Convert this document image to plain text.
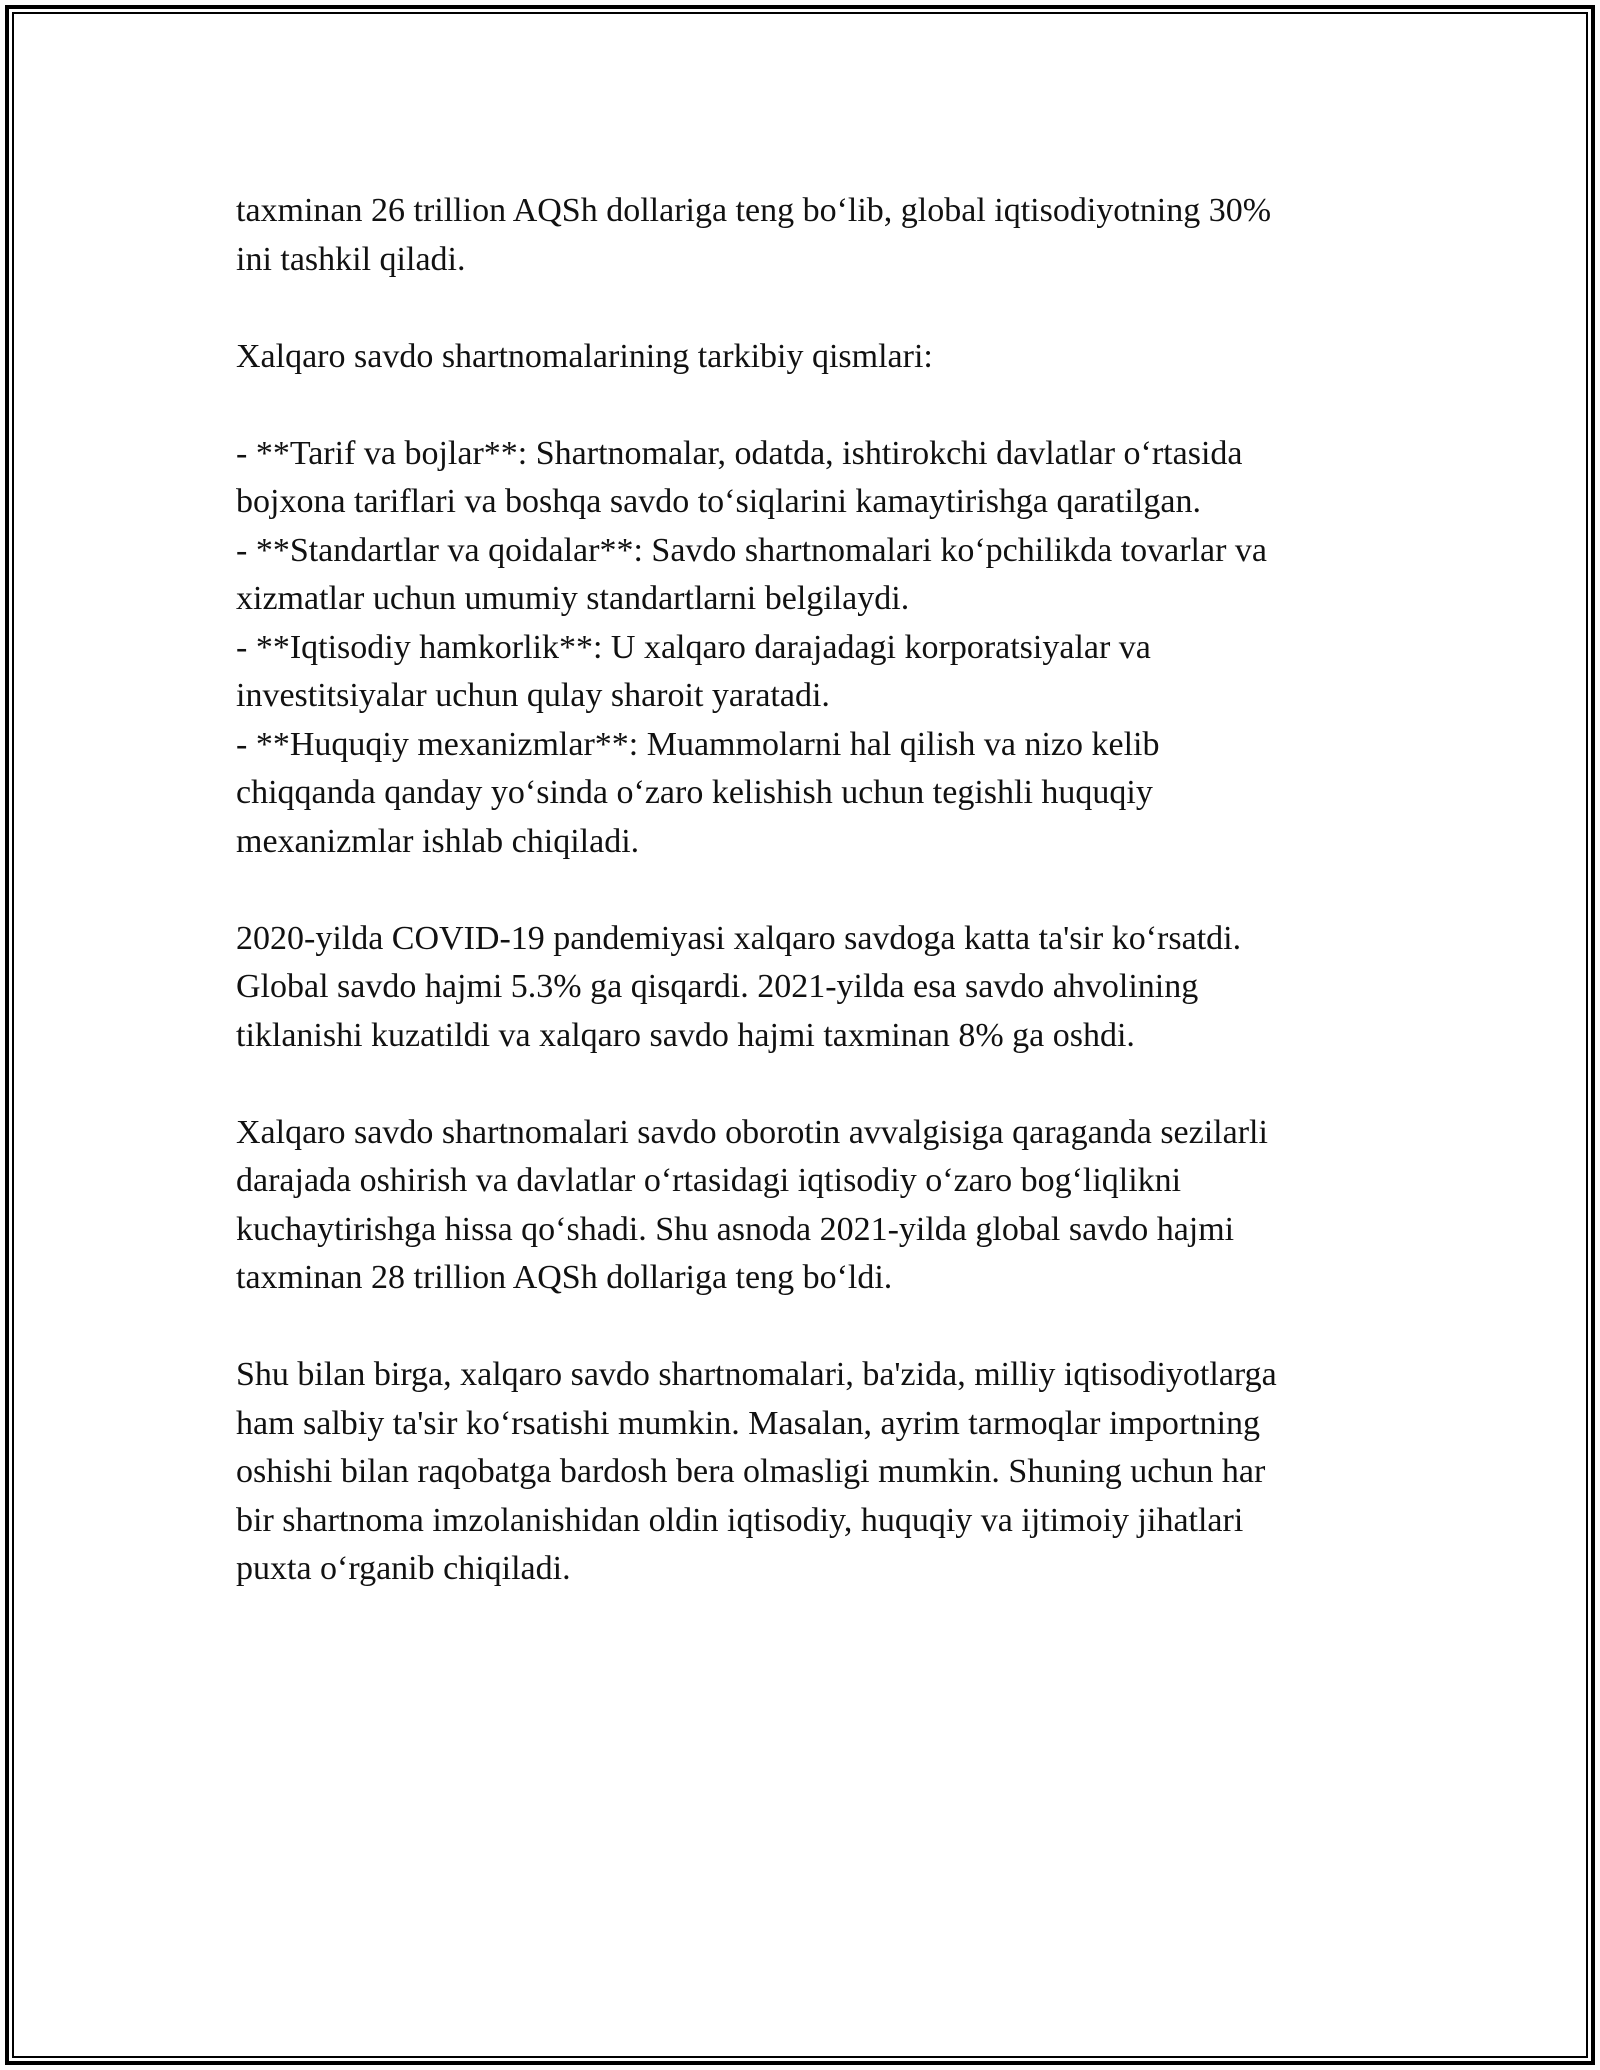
taxminan 26 trillion AQSh dollariga teng bo‘lib, global iqtisodiyotning 30%
ini tashkil qiladi.

Xalqaro savdo shartnomalarining tarkibiy qismlari:

- **Tarif va bojlar**: Shartnomalar, odatda, ishtirokchi davlatlar o‘rtasida
bojxona tariflari va boshqa savdo to‘siqlarini kamaytirishga qaratilgan.
- **Standartlar va qoidalar**: Savdo shartnomalari ko‘pchilikda tovarlar va
xizmatlar uchun umumiy standartlarni belgilaydi.
- **Iqtisodiy hamkorlik**: U xalqaro darajadagi korporatsiyalar va
investitsiyalar uchun qulay sharoit yaratadi.
- **Huquqiy mexanizmlar**: Muammolarni hal qilish va nizo kelib
chiqqanda qanday yo‘sinda o‘zaro kelishish uchun tegishli huquqiy
mexanizmlar ishlab chiqiladi.

2020-yilda COVID-19 pandemiyasi xalqaro savdoga katta ta'sir ko‘rsatdi.
Global savdo hajmi 5.3% ga qisqardi. 2021-yilda esa savdo ahvolining
tiklanishi kuzatildi va xalqaro savdo hajmi taxminan 8% ga oshdi.

Xalqaro savdo shartnomalari savdo oborotin avvalgisiga qaraganda sezilarli
darajada oshirish va davlatlar o‘rtasidagi iqtisodiy o‘zaro bog‘liqlikni
kuchaytirishga hissa qo‘shadi. Shu asnoda 2021-yilda global savdo hajmi
taxminan 28 trillion AQSh dollariga teng bo‘ldi.

Shu bilan birga, xalqaro savdo shartnomalari, ba'zida, milliy iqtisodiyotlarga
ham salbiy ta'sir ko‘rsatishi mumkin. Masalan, ayrim tarmoqlar importning
oshishi bilan raqobatga bardosh bera olmasligi mumkin. Shuning uchun har
bir shartnoma imzolanishidan oldin iqtisodiy, huquqiy va ijtimoiy jihatlari
puxta o‘rganib chiqiladi.
